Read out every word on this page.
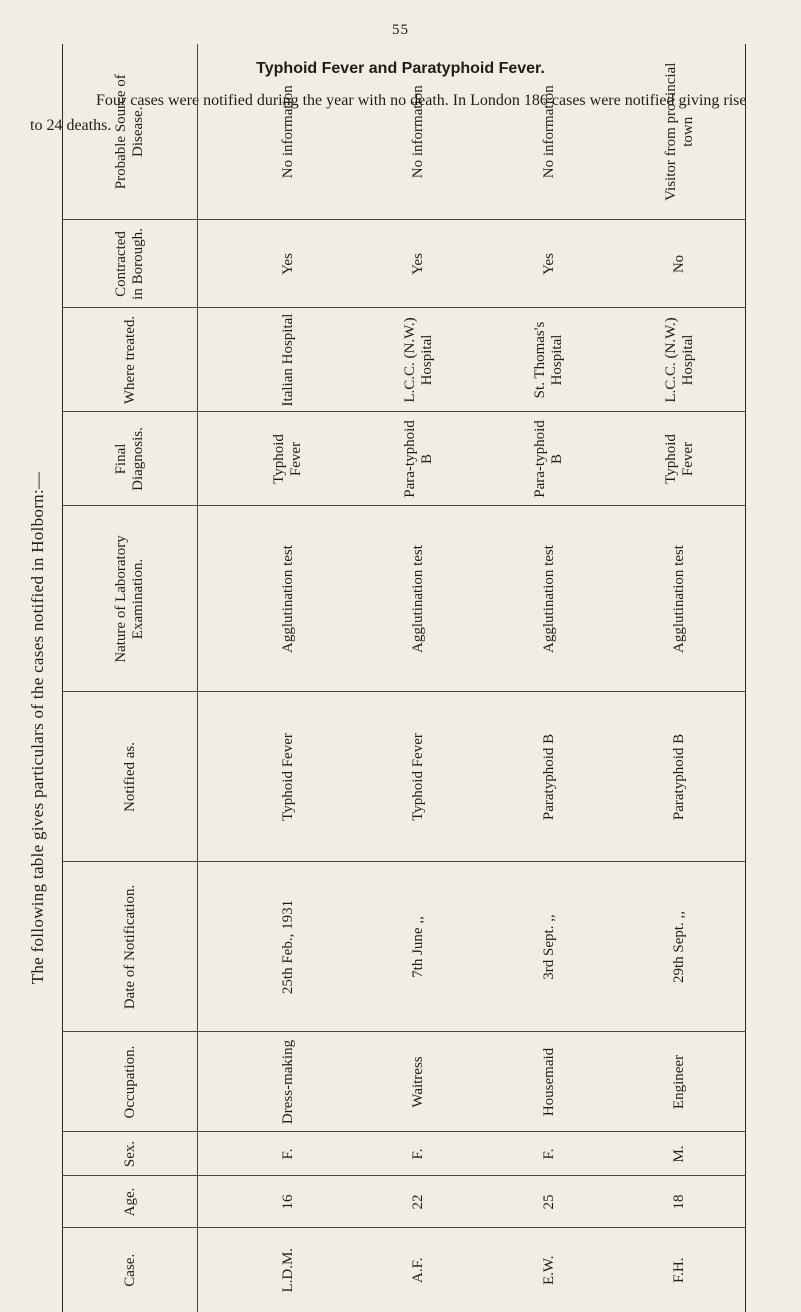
55
Typhoid Fever and Paratyphoid Fever.

Four cases were notified during the year with no death. In London 186 cases were notified giving rise to 24 deaths.

The following table gives particulars of the cases notified in Holborn:—
Case.	Age.	Sex.	Occupation.	Date of Notification.	Notified as.	Nature of Laboratory Examination.	Final Diagnosis.	Where treated.	Contracted in Borough.	Probable Source of Disease.

L.D.M.	16	F.	Dress-making	25th Feb., 1931	Typhoid Fever	Agglutination test	Typhoid Fever	Italian Hospital	Yes	No information
A.F.	22	F.	Waitress	7th June ,,	Typhoid Fever	Agglutination test	Para-typhoid B	L.C.C. (N.W.) Hospital	Yes	No information
E.W.	25	F.	Housemaid	3rd Sept. ,,	Paratyphoid B	Agglutination test	Para-typhoid B	St. Thomas's Hospital	Yes	No information
F.H.	18	M.	Engineer	29th Sept. ,,	Paratyphoid B	Agglutination test	Typhoid Fever	L.C.C. (N.W.) Hospital	No	Visitor from provincial town
